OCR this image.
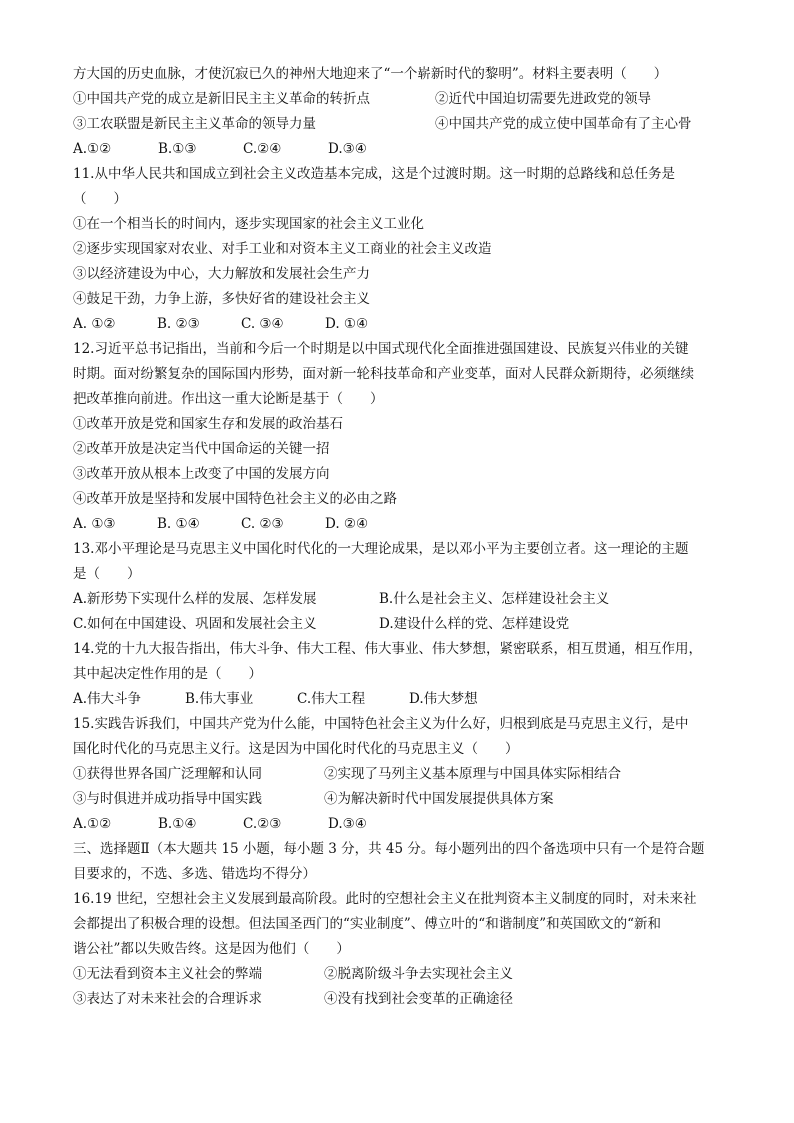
方大国的历史血脉，才使沉寂已久的神州大地迎来了“一个崭新时代的黎明”。材料主要表明（　　）
①中国共产党的成立是新旧民主主义革命的转折点	②近代中国迫切需要先进政党的领导
③工农联盟是新民主主义革命的领导力量	④中国共产党的成立使中国革命有了主心骨
A.①②	B.①③	C.②④	D.③④
11.从中华人民共和国成立到社会主义改造基本完成，这是个过渡时期。这一时期的总路线和总任务是
（　　）
①在一个相当长的时间内，逐步实现国家的社会主义工业化
②逐步实现国家对农业、对手工业和对资本主义工商业的社会主义改造
③以经济建设为中心，大力解放和发展社会生产力
④鼓足干劲，力争上游，多快好省的建设社会主义
A. ①②	B. ②③	C. ③④	D. ①④
12.习近平总书记指出，当前和今后一个时期是以中国式现代化全面推进强国建设、民族复兴伟业的关键
时期。面对纷繁复杂的国际国内形势，面对新一轮科技革命和产业变革，面对人民群众新期待，必须继续
把改革推向前进。作出这一重大论断是基于（　　）
①改革开放是党和国家生存和发展的政治基石
②改革开放是决定当代中国命运的关键一招
③改革开放从根本上改变了中国的发展方向
④改革开放是坚持和发展中国特色社会主义的必由之路
A. ①③	B. ①④	C. ②③	D. ②④
13.邓小平理论是马克思主义中国化时代化的一大理论成果，是以邓小平为主要创立者。这一理论的主题
是（　　）
A.新形势下实现什么样的发展、怎样发展	B.什么是社会主义、怎样建设社会主义
C.如何在中国建设、巩固和发展社会主义	D.建设什么样的党、怎样建设党
14.党的十九大报告指出，伟大斗争、伟大工程、伟大事业、伟大梦想，紧密联系，相互贯通，相互作用，
其中起决定性作用的是（　　）
A.伟大斗争	B.伟大事业	C.伟大工程	D.伟大梦想
15.实践告诉我们，中国共产党为什么能，中国特色社会主义为什么好，归根到底是马克思主义行，是中
国化时代化的马克思主义行。这是因为中国化时代化的马克思主义（　　）
①获得世界各国广泛理解和认同	②实现了马列主义基本原理与中国具体实际相结合
③与时俱进并成功指导中国实践	④为解决新时代中国发展提供具体方案
A.①②	B.①④	C.②③	D.③④
三、选择题Ⅱ（本大题共 15 小题，每小题 3 分，共 45 分。每小题列出的四个备选项中只有一个是符合题
目要求的，不选、多选、错选均不得分）
16.19 世纪，空想社会主义发展到最高阶段。此时的空想社会主义在批判资本主义制度的同时，对未来社
会都提出了积极合理的设想。但法国圣西门的“实业制度”、傅立叶的“和谐制度”和英国欧文的“新和
谐公社”都以失败告终。这是因为他们（　　）
①无法看到资本主义社会的弊端	②脱离阶级斗争去实现社会主义
③表达了对未来社会的合理诉求	④没有找到社会变革的正确途径
